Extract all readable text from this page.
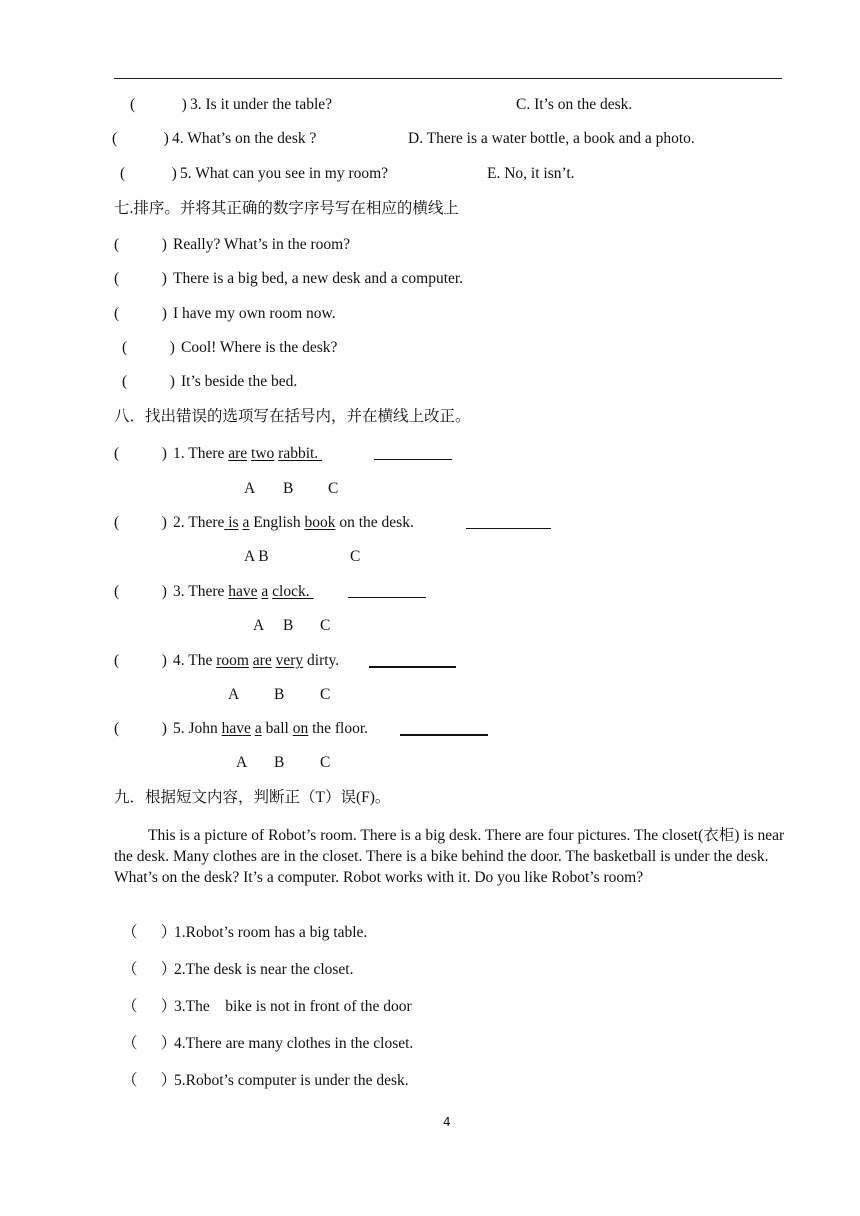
(            ) 3. Is it under the table?	C. It’s on the desk.
(            ) 4. What’s on the desk ?	D. There is a water bottle, a book and a photo.
(            ) 5. What can you see in my room?	E. No, it isn’t.
七.排序。并将其正确的数字序号写在相应的横线上
(           ) Really? What’s in the room?
(           ) There is a big bed, a new desk and a computer.
(           ) I have my own room now.
(           ) Cool! Where is the desk?
(           ) It’s beside the bed.
八．找出错误的选项写在括号内，并在横线上改正。
(           ) 1. There are two rabbit.
A B C
(           ) 2. There is a English book on the desk.
A B	C
(           ) 3. There have a clock.
A B C
(           ) 4. The room are very dirty.
A B C
(           ) 5. John have a ball on the floor.
A B C
九．根据短文内容，判断正（T）误(F)。
This is a picture of Robot’s room. There is a big desk. There are four pictures. The closet(衣柜) is near the desk. Many clothes are in the closet. There is a bike behind the door. The basketball is under the desk. What’s on the desk? It’s a computer. Robot works with it. Do you like Robot’s room?
（      ）
1.Robot’s room has a big table.
（      ）
2.The desk is near the closet.
（      ）
3.The    bike is not in front of the door
（      ）
4.There are many clothes in the closet.
（      ）
5.Robot’s computer is under the desk.
4
